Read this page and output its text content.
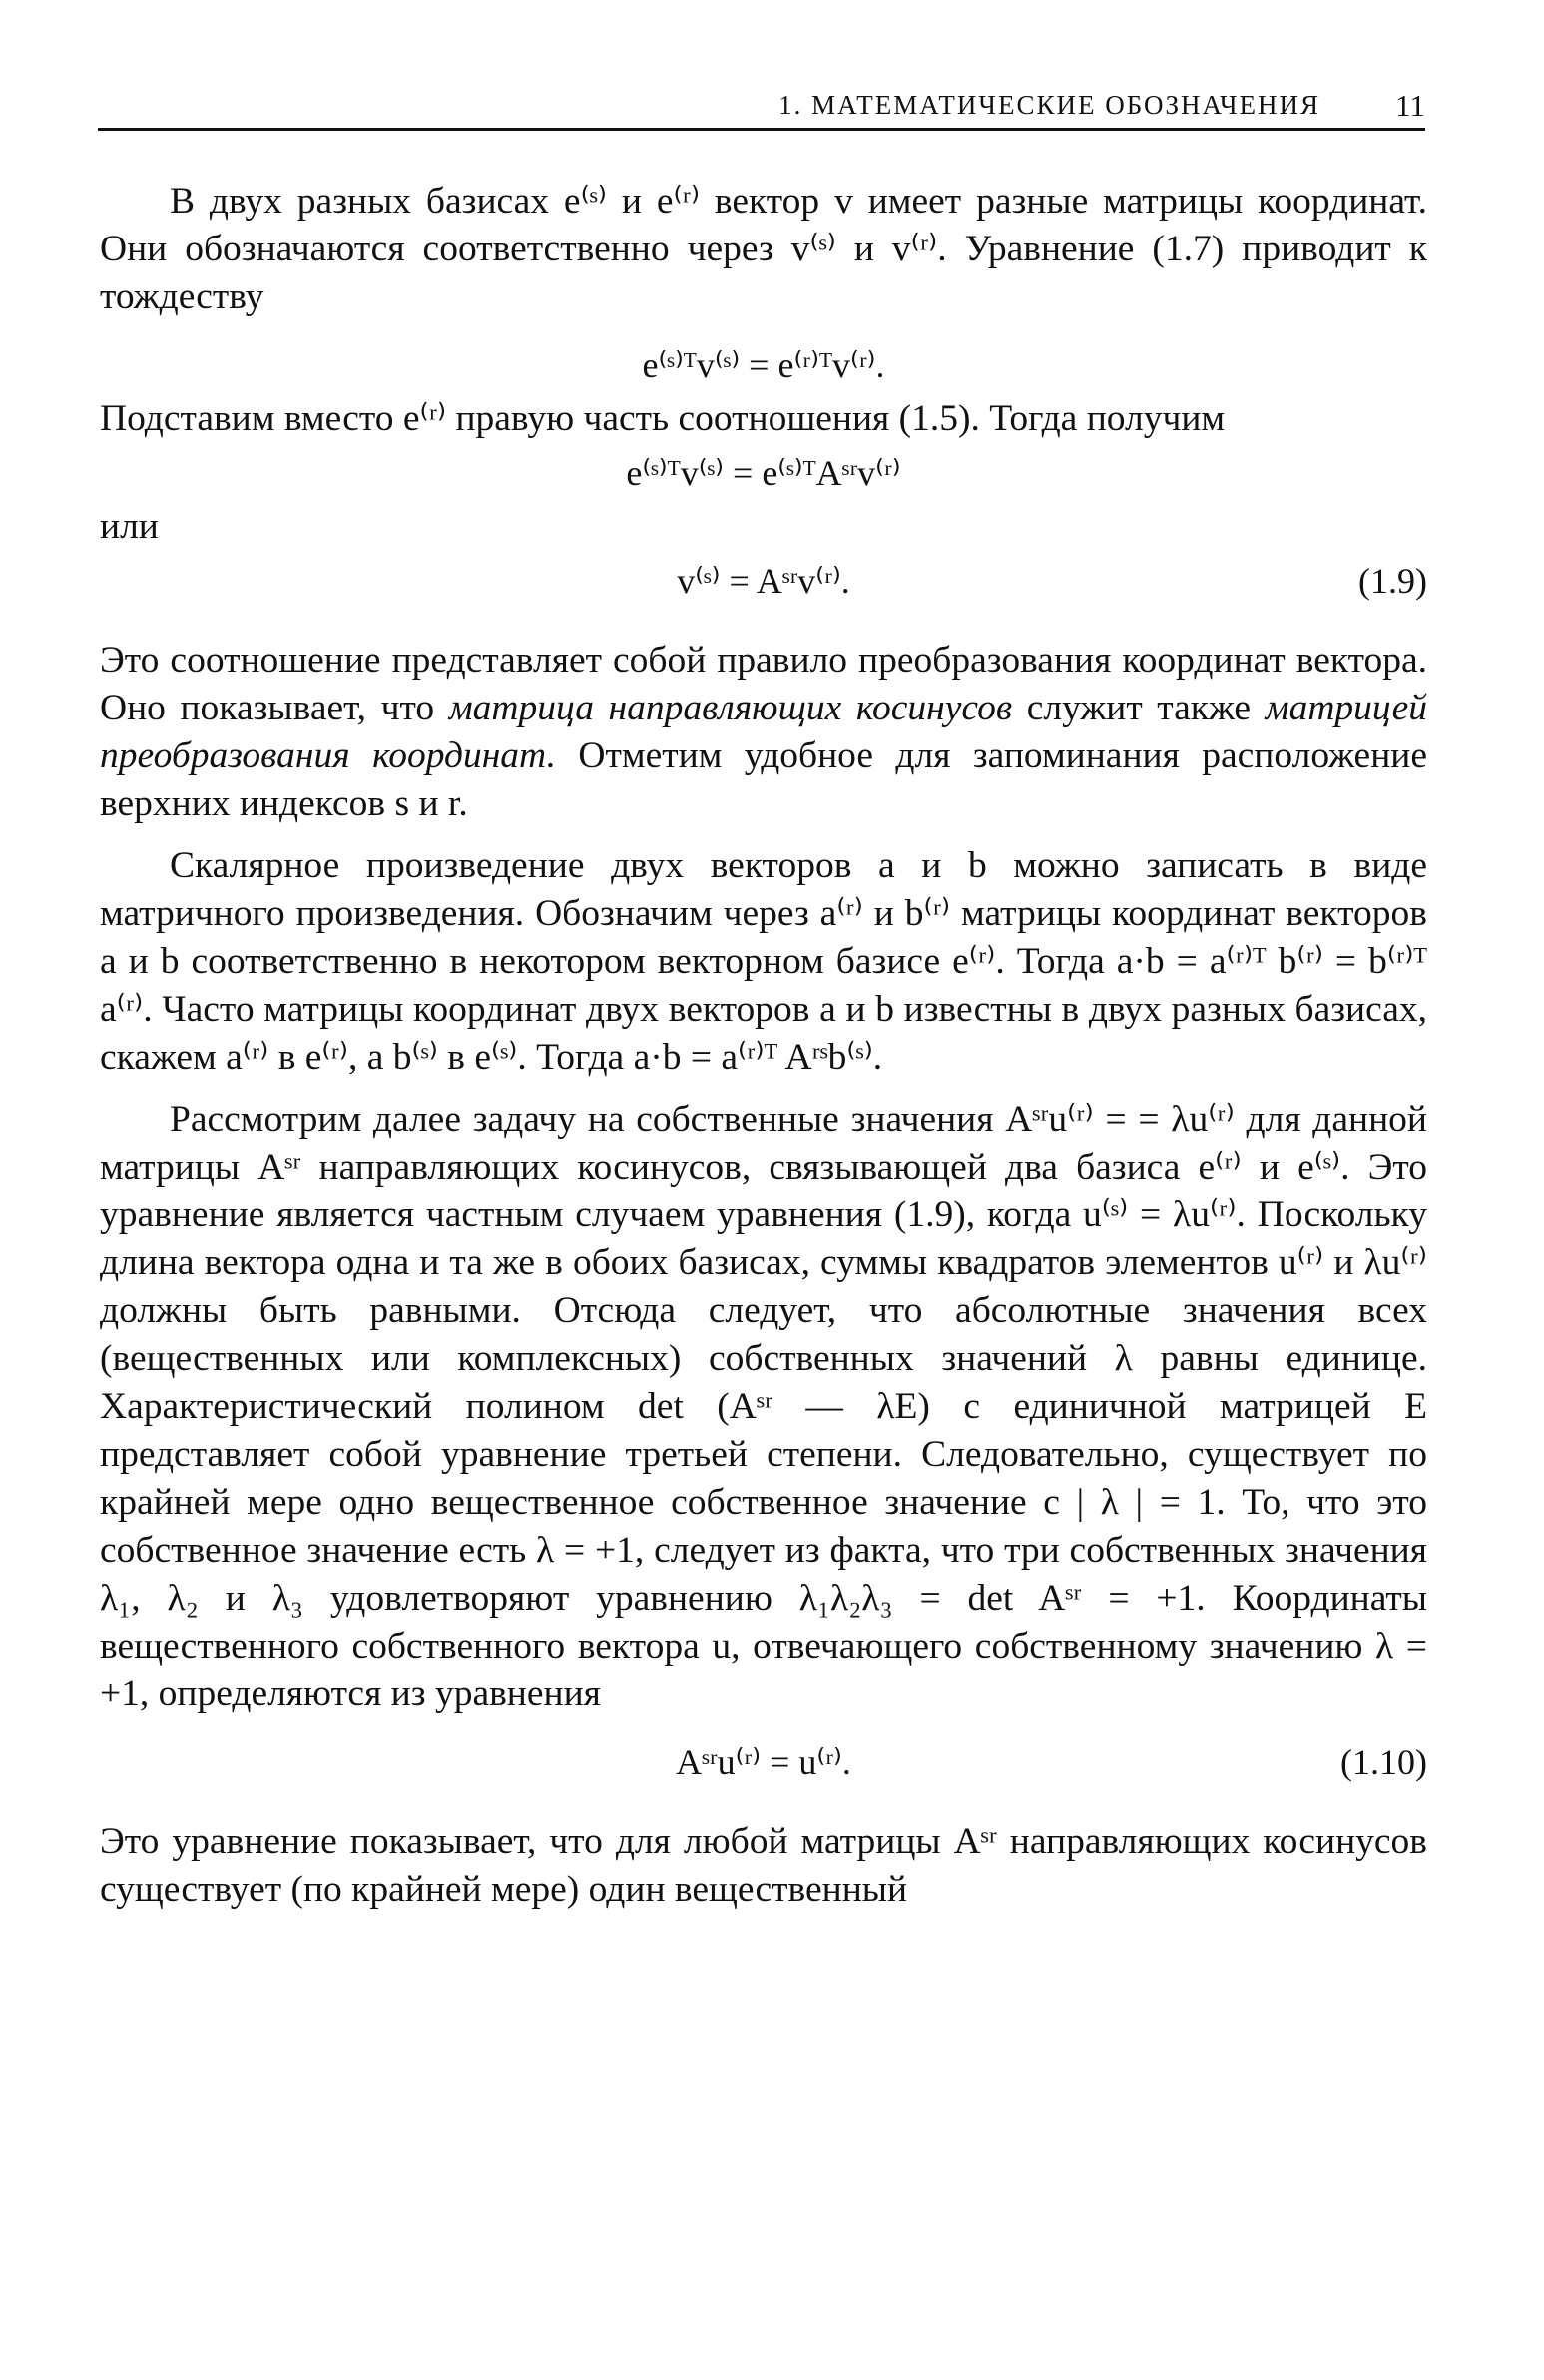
1. МАТЕМАТИЧЕСКИЕ ОБОЗНАЧЕНИЯ 11

В двух разных базисах e⁽ˢ⁾ и e⁽ʳ⁾ вектор v имеет разные матрицы координат. Они обозначаются соответственно через v⁽ˢ⁾ и v⁽ʳ⁾. Уравнение (1.7) приводит к тождеству

e⁽ˢ⁾ᵀv⁽ˢ⁾ = e⁽ʳ⁾ᵀv⁽ʳ⁾.

Подставим вместо e⁽ʳ⁾ правую часть соотношения (1.5). Тогда получим

e⁽ˢ⁾ᵀv⁽ˢ⁾ = e⁽ˢ⁾ᵀAˢʳv⁽ʳ⁾

или

v⁽ˢ⁾ = Aˢʳv⁽ʳ⁾.	(1.9)

Это соотношение представляет собой правило преобразования координат вектора. Оно показывает, что матрица направляющих косинусов служит также матрицей преобразования координат. Отметим удобное для запоминания расположение верхних индексов s и r.

Скалярное произведение двух векторов a и b можно записать в виде матричного произведения. Обозначим через a⁽ʳ⁾ и b⁽ʳ⁾ матрицы координат векторов a и b соответственно в некотором векторном базисе e⁽ʳ⁾. Тогда a·b = a⁽ʳ⁾ᵀ b⁽ʳ⁾ = b⁽ʳ⁾ᵀ a⁽ʳ⁾. Часто матрицы координат двух векторов a и b известны в двух разных базисах, скажем a⁽ʳ⁾ в e⁽ʳ⁾, а b⁽ˢ⁾ в e⁽ˢ⁾. Тогда a·b = a⁽ʳ⁾ᵀ Aʳˢb⁽ˢ⁾.

Рассмотрим далее задачу на собственные значения Aˢʳu⁽ʳ⁾ = = λu⁽ʳ⁾ для данной матрицы Aˢʳ направляющих косинусов, связывающей два базиса e⁽ʳ⁾ и e⁽ˢ⁾. Это уравнение является частным случаем уравнения (1.9), когда u⁽ˢ⁾ = λu⁽ʳ⁾. Поскольку длина вектора одна и та же в обоих базисах, суммы квадратов элементов u⁽ʳ⁾ и λu⁽ʳ⁾ должны быть равными. Отсюда следует, что абсолютные значения всех (вещественных или комплексных) собственных значений λ равны единице. Характеристический полином det (Aˢʳ — λE) с единичной матрицей E представляет собой уравнение третьей степени. Следовательно, существует по крайней мере одно вещественное собственное значение с | λ | = 1. То, что это собственное значение есть λ = +1, следует из факта, что три собственных значения λ₁, λ₂ и λ₃ удовлетворяют уравнению λ₁λ₂λ₃ = det Aˢʳ = +1. Координаты вещественного собственного вектора u, отвечающего собственному значению λ = +1, определяются из уравнения

Aˢʳu⁽ʳ⁾ = u⁽ʳ⁾.	(1.10)

Это уравнение показывает, что для любой матрицы Aˢʳ направляющих косинусов существует (по крайней мере) один вещественный
